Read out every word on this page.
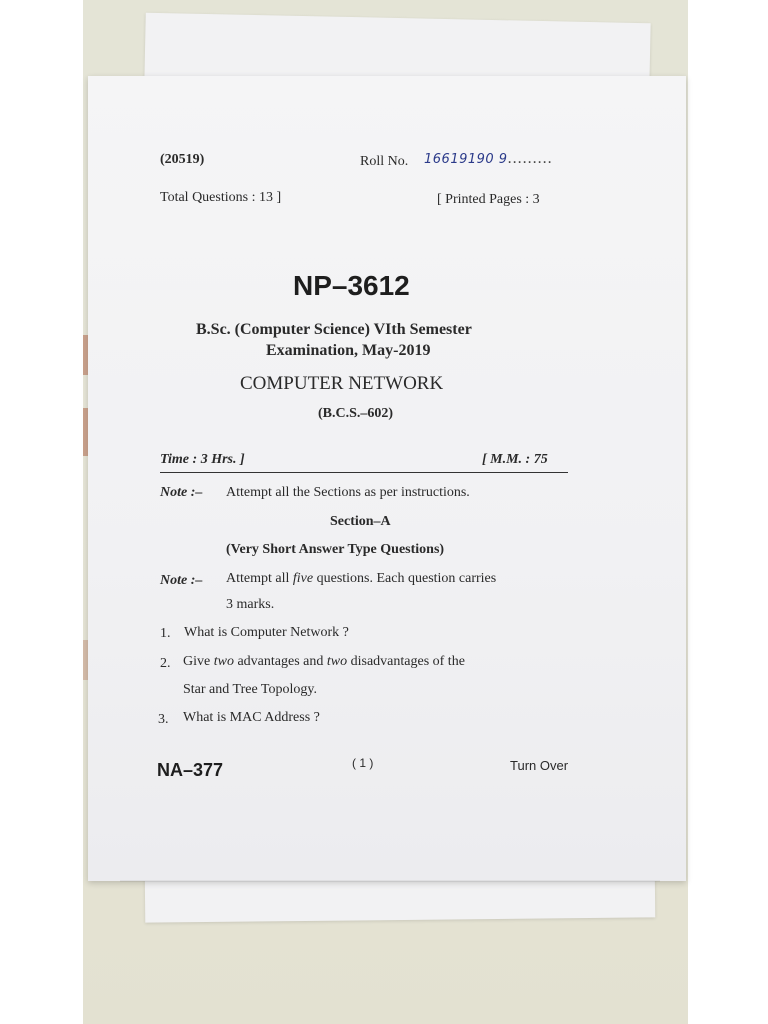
(20519)	Roll No. 16619190 9.........
Total Questions : 13 ]	[ Printed Pages : 3
NP–3612
B.Sc. (Computer Science) VIth Semester
Examination, May-2019
COMPUTER NETWORK
(B.C.S.–602)
Time : 3 Hrs. ]	[ M.M. : 75
Note :– Attempt all the Sections as per instructions.
Section–A
(Very Short Answer Type Questions)
Note :– Attempt all five questions. Each question carries
3 marks.
1. What is Computer Network ?
2. Give two advantages and two disadvantages of the
Star and Tree Topology.
3. What is MAC Address ?
NA–377	( 1 )	Turn Over
